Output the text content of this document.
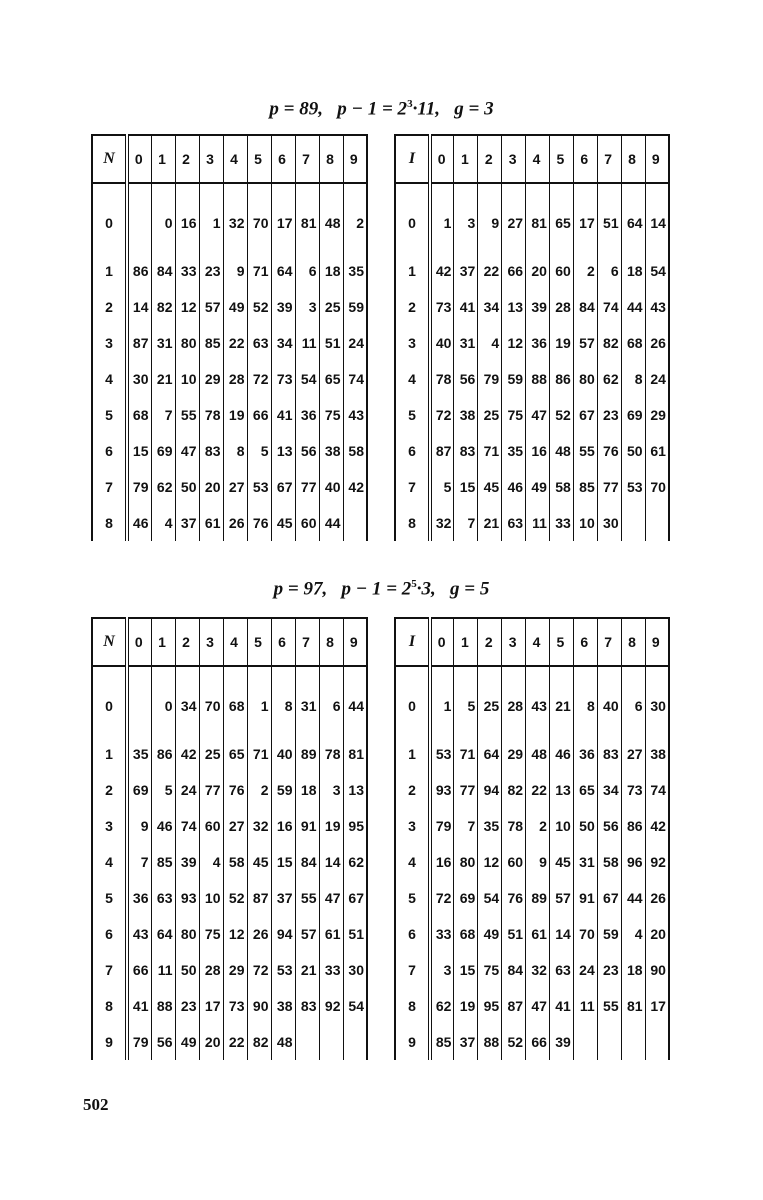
p = 89, $p - 1 = 2^3\cdot 11$, g = 3
N	0	1	2	3	4	5	6	7	8	9
0		0	16	1	32	70	17	81	48	2
1	86	84	33	23	9	71	64	6	18	35
2	14	82	12	57	49	52	39	3	25	59
3	87	31	80	85	22	63	34	11	51	24
4	30	21	10	29	28	72	73	54	65	74
5	68	7	55	78	19	66	41	36	75	43
6	15	69	47	83	8	5	13	56	38	58
7	79	62	50	20	27	53	67	77	40	42
8	46	4	37	61	26	76	45	60	44	
I	0	1	2	3	4	5	6	7	8	9
0	1	3	9	27	81	65	17	51	64	14
1	42	37	22	66	20	60	2	6	18	54
2	73	41	34	13	39	28	84	74	44	43
3	40	31	4	12	36	19	57	82	68	26
4	78	56	79	59	88	86	80	62	8	24
5	72	38	25	75	47	52	67	23	69	29
6	87	83	71	35	16	48	55	76	50	61
7	5	15	45	46	49	58	85	77	53	70
8	32	7	21	63	11	33	10	30		
p = 97, $p - 1 = 2^5\cdot 3$, g = 5
N	0	1	2	3	4	5	6	7	8	9
0		0	34	70	68	1	8	31	6	44
1	35	86	42	25	65	71	40	89	78	81
2	69	5	24	77	76	2	59	18	3	13
3	9	46	74	60	27	32	16	91	19	95
4	7	85	39	4	58	45	15	84	14	62
5	36	63	93	10	52	87	37	55	47	67
6	43	64	80	75	12	26	94	57	61	51
7	66	11	50	28	29	72	53	21	33	30
8	41	88	23	17	73	90	38	83	92	54
9	79	56	49	20	22	82	48			
I	0	1	2	3	4	5	6	7	8	9
0	1	5	25	28	43	21	8	40	6	30
1	53	71	64	29	48	46	36	83	27	38
2	93	77	94	82	22	13	65	34	73	74
3	79	7	35	78	2	10	50	56	86	42
4	16	80	12	60	9	45	31	58	96	92
5	72	69	54	76	89	57	91	67	44	26
6	33	68	49	51	61	14	70	59	4	20
7	3	15	75	84	32	63	24	23	18	90
8	62	19	95	87	47	41	11	55	81	17
9	85	37	88	52	66	39				
502
